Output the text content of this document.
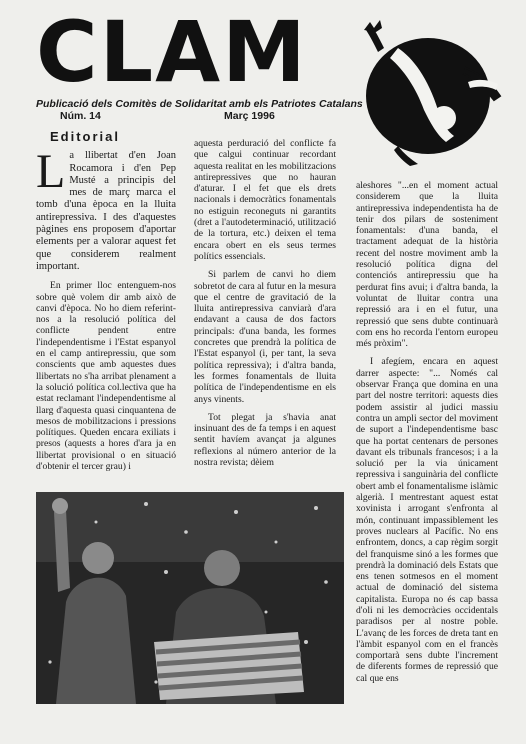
CLAM
Publicació dels Comitès de Solidaritat amb els Patriotes Catalans
Núm. 14	Març 1996
Editorial

La llibertat d'en Joan Rocamora i d'en Pep Musté a principis del mes de març marca el tomb d'una època en la lluita antirepressiva. I des d'aquestes pàgines ens proposem d'aportar elements per a valorar aquest fet que considerem realment important.

En primer lloc entenguem-nos sobre què volem dir amb això de canvi d'època. No ho diem referint-nos a la resolució política del conflicte pendent entre l'independentisme i l'Estat espanyol en el camp antirepressiu, que som conscients que amb aquestes dues llibertats no s'ha arribat plenament a la solució política col.lectiva que ha estat reclamant l'independentisme al llarg d'aquesta quasi cinquantena de mesos de mobilitzacions i pressions polítiques. Queden encara exiliats i presos (aquests a hores d'ara ja en llibertat provisional o en situació d'obtenir el tercer grau) i

aquesta perduració del conflicte fa que calgui continuar recordant aquesta realitat en les mobilitzacions antirepressives que no hauran d'aturar. I el fet que els drets nacionals i democràtics fonamentals no estiguin reconeguts ni garantits (dret a l'autodeterminació, utilització de la tortura, etc.) deixen el tema encara obert en els seus termes polítics essencials.

Si parlem de canvi ho diem sobretot de cara al futur en la mesura que el centre de gravitació de la lluita antirepressiva canviarà d'ara endavant a causa de dos factors principals: d'una banda, les formes concretes que prendrà la política de l'Estat espanyol (i, per tant, la seva política repressiva); i d'altra banda, les formes fonamentals de lluita política de l'independentisme en els anys vinents.

Tot plegat ja s'havia anat insinuant des de fa temps i en aquest sentit havíem avançat ja algunes reflexions al número anterior de la nostra revista; dèiem

aleshores "...en el moment actual considerem que la lluita antirepressiva independentista ha de tenir dos pilars de sosteniment fonamentals: d'una banda, el tractament adequat de la història recent del nostre moviment amb la resolució política digna del contenciós antirepressiu que ha perdurat fins avui; i d'altra banda, la voluntat de lluitar contra una repressió ara i en el futur, una repressió que sens dubte continuarà com ens ho recorda l'entorn europeu més pròxim".

I afegíem, encara en aquest darrer aspecte: "... Només cal observar França que domina en una part del nostre territori: aquests dies podem assistir al judici massiu contra un ampli sector del moviment de suport a l'independentisme basc que ha portat centenars de persones davant els tribunals francesos; i a la solució per la via únicament repressiva i sanguinària del conflicte obert amb el fonamentalisme islàmic algerià. I mentrestant aquest estat xovinista i arrogant s'enfronta al món, continuant impassiblement les proves nuclears al Pacífic. No ens enfrontem, doncs, a cap règim sorgit del franquisme sinó a les formes que prendrà la dominació dels Estats que ens tenen sotmesos en el moment actual de dominació del sistema capitalista. Europa no és cap bassa d'oli ni les democràcies occidentals paradisos per al nostre poble. L'avanç de les forces de dreta tant en l'àmbit espanyol com en el francès comportarà sens dubte l'increment de diferents formes de repressió que cal que ens
